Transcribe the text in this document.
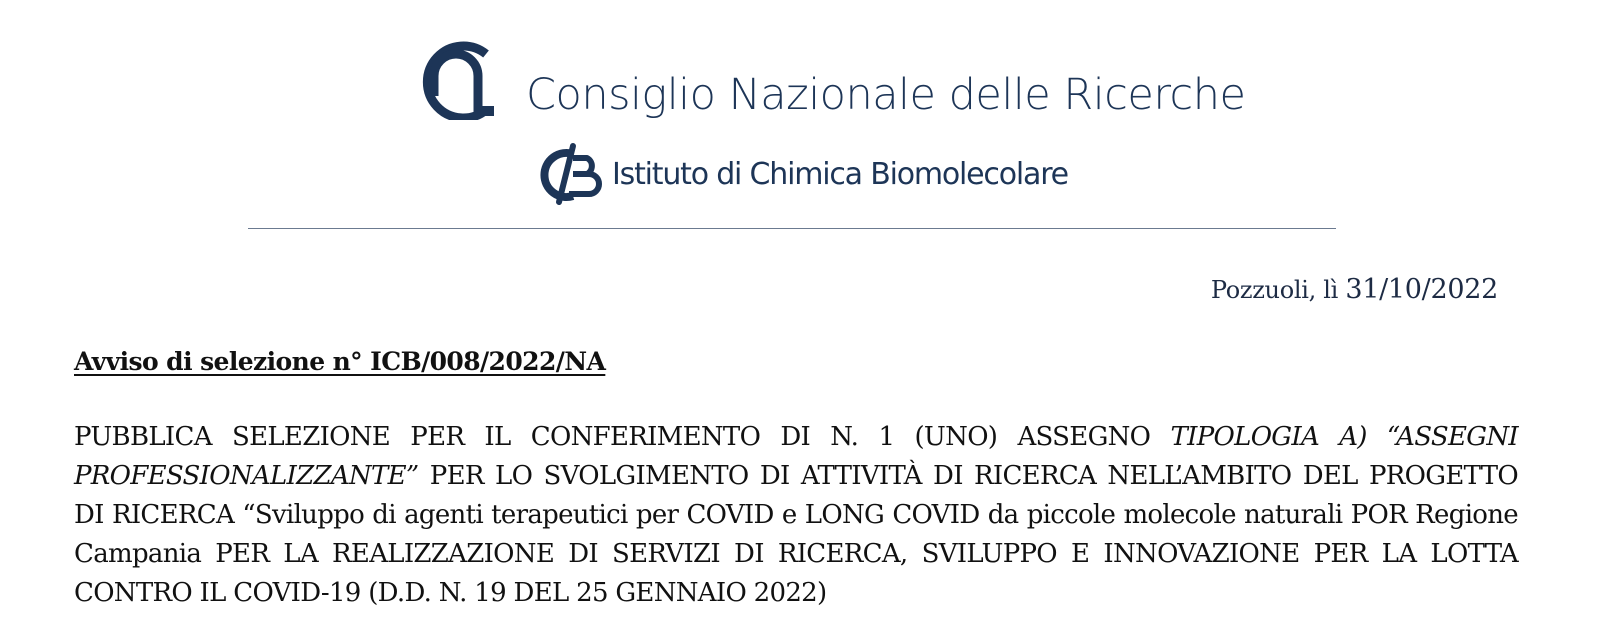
Consiglio Nazionale delle Ricerche
Istituto di Chimica Biomolecolare
Pozzuoli, lì 31/10/2022
Avviso di selezione n° ICB/008/2022/NA
PUBBLICA SELEZIONE PER IL CONFERIMENTO DI N. 1 (UNO) ASSEGNO TIPOLOGIA A) “ASSEGNI PROFESSIONALIZZANTE” PER LO SVOLGIMENTO DI ATTIVITÀ DI RICERCA NELL’AMBITO DEL PROGETTO DI RICERCA “Sviluppo di agenti terapeutici per COVID e LONG COVID da piccole molecole naturali POR Regione Campania PER LA REALIZZAZIONE DI SERVIZI DI RICERCA, SVILUPPO E INNOVAZIONE PER LA LOTTA CONTRO IL COVID-19 (D.D. N. 19 DEL 25 GENNAIO 2022)
